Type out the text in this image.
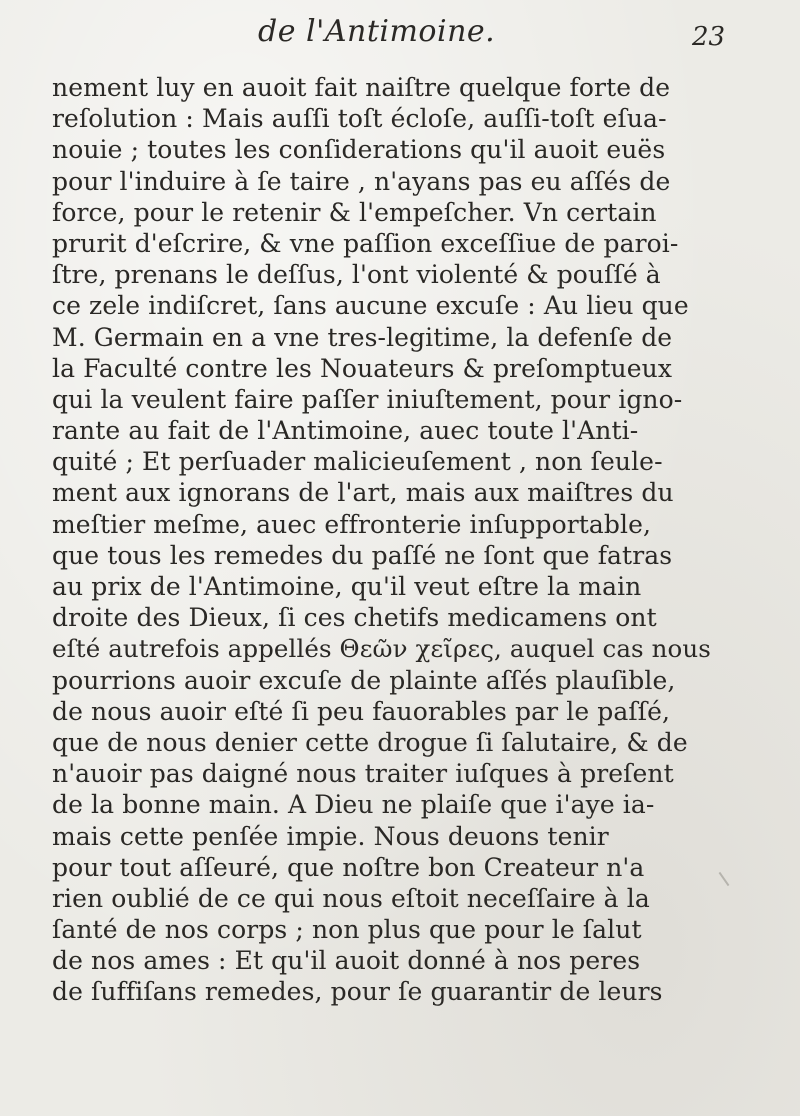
de l'Antimoine.	23
nement luy en auoit fait naiſtre quelque forte de
reſolution : Mais auſſi toſt écloſe, auſſi-toſt eſua-
nouie ; toutes les conſiderations qu'il auoit euës
pour l'induire à ſe taire , n'ayans pas eu aſſés de
force, pour le retenir & l'empeſcher. Vn certain
prurit d'eſcrire, & vne paſſion exceſſiue de paroi-
ſtre, prenans le deſſus, l'ont violenté & pouſſé à
ce zele indiſcret, ſans aucune excuſe : Au lieu que
M. Germain en a vne tres-legitime, la defenſe de
la Faculté contre les Nouateurs & preſomptueux
qui la veulent faire paſſer iniuſtement, pour igno-
rante au fait de l'Antimoine, auec toute l'Anti-
quité ; Et perſuader malicieuſement , non ſeule-
ment aux ignorans de l'art, mais aux maiſtres du
meſtier meſme, auec effronterie inſupportable,
que tous les remedes du paſſé ne ſont que fatras
au prix de l'Antimoine, qu'il veut eſtre la main
droite des Dieux, ſi ces chetifs medicamens ont
eſté autrefois appellés Θεῶν χεῖρες, auquel cas nous
pourrions auoir excuſe de plainte aſſés plauſible,
de nous auoir eſté ſi peu fauorables par le paſſé,
que de nous denier cette drogue ſi ſalutaire, & de
n'auoir pas daigné nous traiter iuſques à preſent
de la bonne main. A Dieu ne plaiſe que i'aye ia-
mais cette penſée impie. Nous deuons tenir
pour tout aſſeuré, que noſtre bon Createur n'a
rien oublié de ce qui nous eſtoit neceſſaire à la
ſanté de nos corps ; non plus que pour le ſalut
de nos ames : Et qu'il auoit donné à nos peres
de ſuffiſans remedes, pour ſe guarantir de leurs
